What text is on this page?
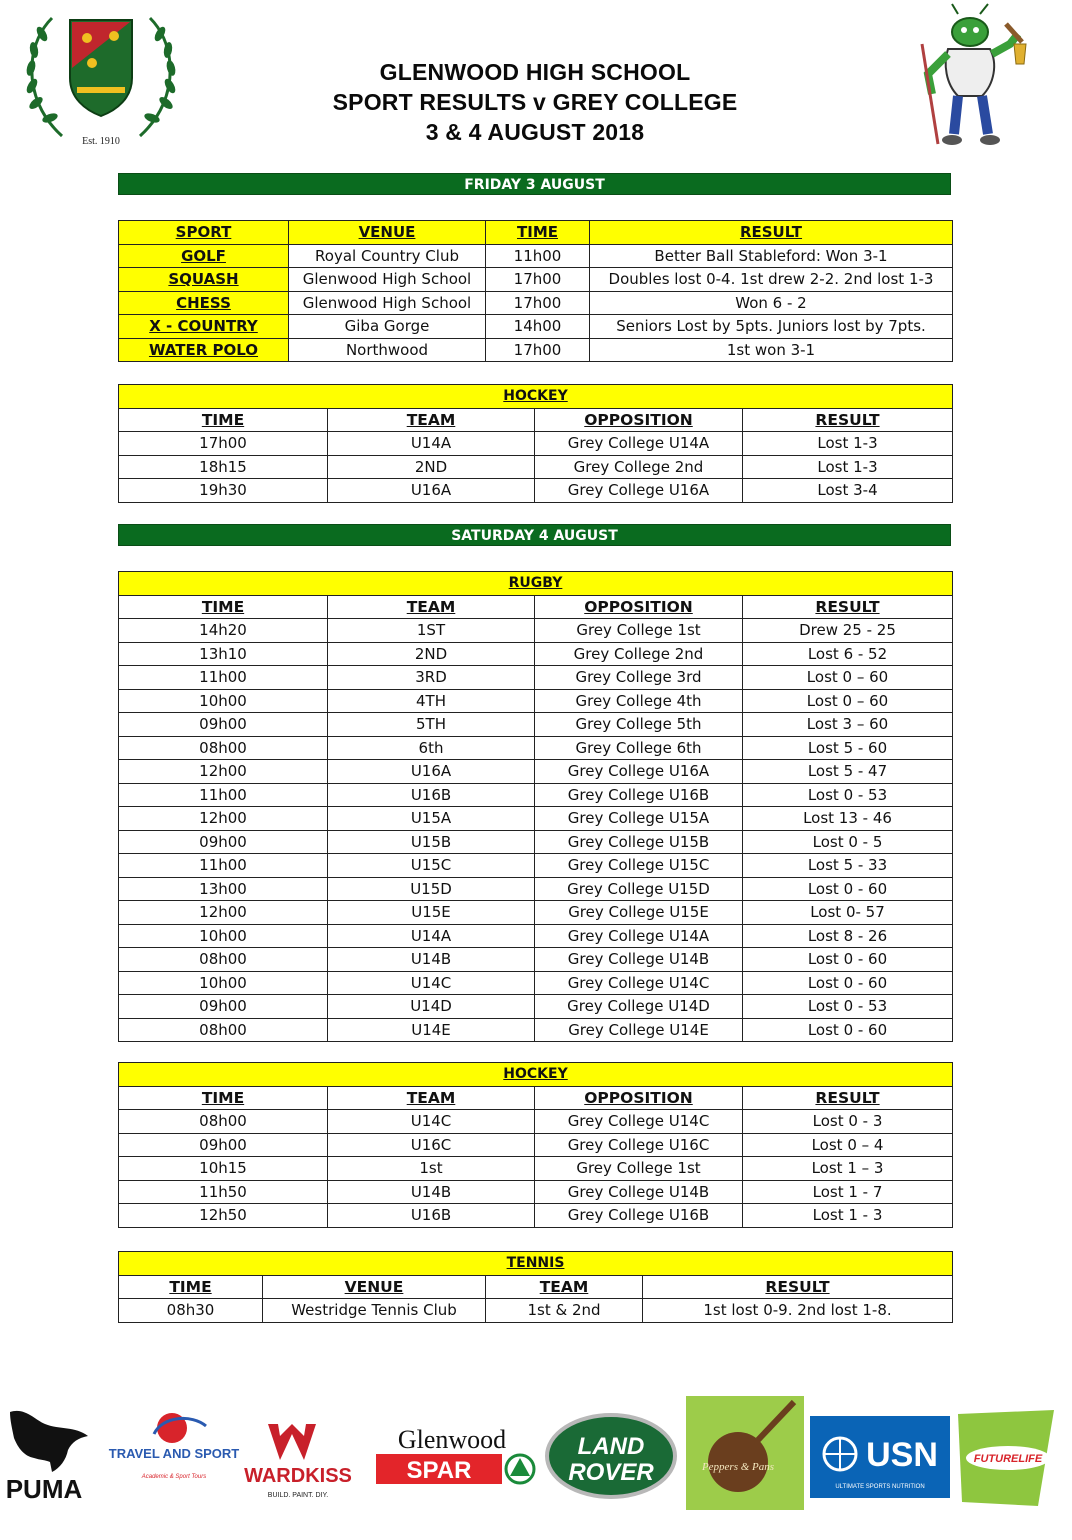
Est. 1910
GLENWOOD HIGH SCHOOL
SPORT RESULTS v GREY COLLEGE
3 & 4 AUGUST 2018
FRIDAY 3 AUGUST
SPORT	VENUE	TIME	RESULT
GOLF	Royal Country Club	11h00	Better Ball Stableford: Won 3-1
SQUASH	Glenwood High School	17h00	Doubles lost 0-4. 1st drew 2-2. 2nd lost 1-3
CHESS	Glenwood High School	17h00	Won 6 - 2
X - COUNTRY	Giba Gorge	14h00	Seniors Lost by 5pts. Juniors lost by 7pts.
WATER POLO	Northwood	17h00	1st won 3-1
HOCKEY			
TIME	TEAM	OPPOSITION	RESULT
17h00	U14A	Grey College U14A	Lost 1-3
18h15	2ND	Grey College 2nd	Lost 1-3
19h30	U16A	Grey College U16A	Lost 3-4
SATURDAY 4 AUGUST
RUGBY			
TIME	TEAM	OPPOSITION	RESULT
14h20	1ST	Grey College 1st	Drew 25 - 25
13h10	2ND	Grey College 2nd	Lost 6 - 52
11h00	3RD	Grey College 3rd	Lost 0 – 60
10h00	4TH	Grey College 4th	Lost 0 – 60
09h00	5TH	Grey College 5th	Lost 3 – 60
08h00	6th	Grey College 6th	Lost 5 - 60
12h00	U16A	Grey College U16A	Lost 5 - 47
11h00	U16B	Grey College U16B	Lost 0 - 53
12h00	U15A	Grey College U15A	Lost 13 - 46
09h00	U15B	Grey College U15B	Lost 0 - 5
11h00	U15C	Grey College U15C	Lost 5 - 33
13h00	U15D	Grey College U15D	Lost 0 - 60
12h00	U15E	Grey College U15E	Lost 0- 57
10h00	U14A	Grey College U14A	Lost 8 - 26
08h00	U14B	Grey College U14B	Lost 0 - 60
10h00	U14C	Grey College U14C	Lost 0 - 60
09h00	U14D	Grey College U14D	Lost 0 - 53
08h00	U14E	Grey College U14E	Lost 0 - 60
HOCKEY			
TIME	TEAM	OPPOSITION	RESULT
08h00	U14C	Grey College U14C	Lost 0 - 3
09h00	U16C	Grey College U16C	Lost 0 – 4
10h15	1st	Grey College 1st	Lost 1 – 3
11h50	U14B	Grey College U14B	Lost 1 - 7
12h50	U16B	Grey College U16B	Lost 1 - 3
TENNIS			
TIME	VENUE	TEAM	RESULT
08h30	Westridge Tennis Club	1st & 2nd	1st lost 0-9. 2nd lost 1-8.
PUMA
TRAVEL AND SPORT
Academic & Sport Tours WARDKISS
BUILD. PAINT. DIY.
Glenwood
SPAR
LAND
ROVER	Peppers & Pans	USN
ULTIMATE SPORTS NUTRITION
FUTURELIFE
